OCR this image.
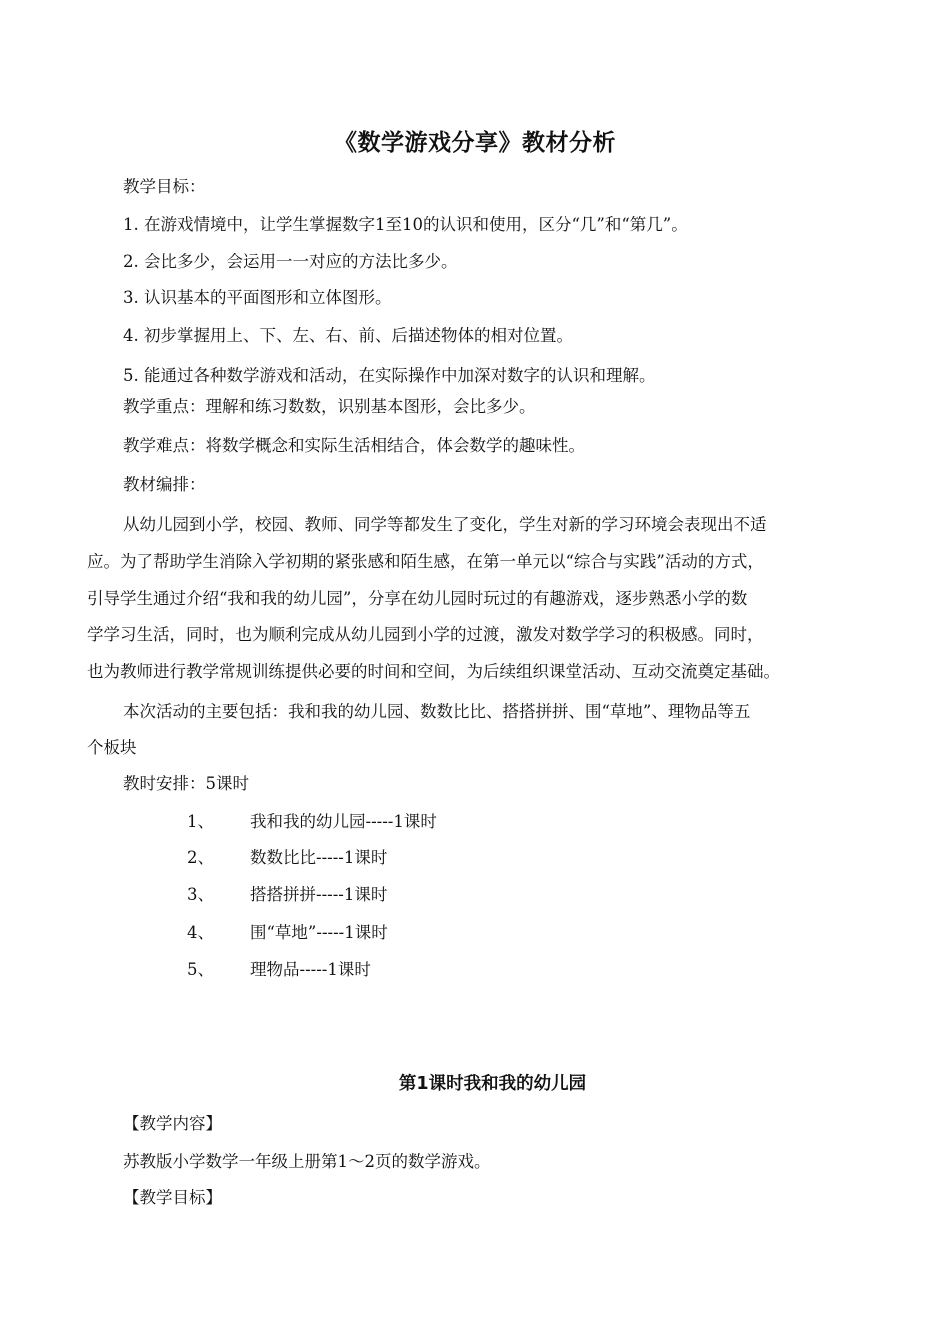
《数学游戏分享》教材分析
教学目标：
1. 在游戏情境中，让学生掌握数字1至10的认识和使用，区分“几”和“第几”。
2. 会比多少，会运用一一对应的方法比多少。
3. 认识基本的平面图形和立体图形。
4. 初步掌握用上、下、左、右、前、后描述物体的相对位置。
5. 能通过各种数学游戏和活动，在实际操作中加深对数字的认识和理解。
教学重点：理解和练习数数，识别基本图形，会比多少。
教学难点：将数学概念和实际生活相结合，体会数学的趣味性。
教材编排：
从幼儿园到小学，校园、教师、同学等都发生了变化，学生对新的学习环境会表现出不适
应。为了帮助学生消除入学初期的紧张感和陌生感，在第一单元以“综合与实践”活动的方式，
引导学生通过介绍“我和我的幼儿园”，分享在幼儿园时玩过的有趣游戏，逐步熟悉小学的数
学学习生活，同时，也为顺利完成从幼儿园到小学的过渡，激发对数学学习的积极感。同时，
也为教师进行教学常规训练提供必要的时间和空间，为后续组织课堂活动、互动交流奠定基础。
本次活动的主要包括：我和我的幼儿园、数数比比、搭搭拼拼、围“草地”、理物品等五
个板块
教时安排：5课时
1、 我和我的幼儿园-----1课时
2、 数数比比-----1课时
3、 搭搭拼拼-----1课时
4、 围“草地”-----1课时
5、 理物品-----1课时
第1课时我和我的幼儿园
【教学内容】
苏教版小学数学一年级上册第1～2页的数学游戏。
【教学目标】
